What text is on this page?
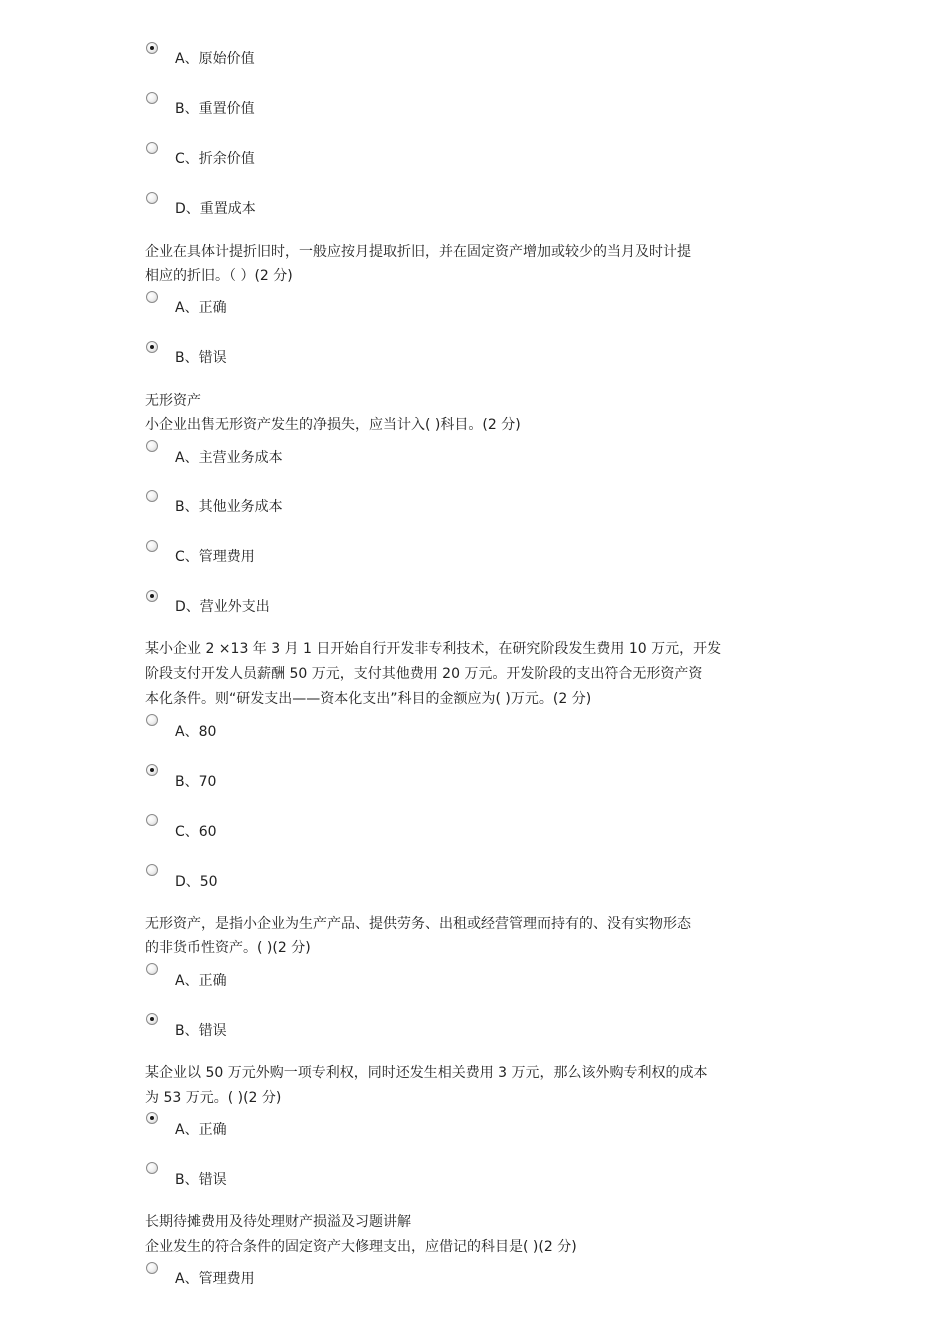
A、原始价值
B、重置价值
C、折余价值
D、重置成本

企业在具体计提折旧时，一般应按月提取折旧，并在固定资产增加或较少的当月及时计提

相应的折旧。（ ）(2 分)

A、正确
B、错误

无形资产

小企业出售无形资产发生的净损失，应当计入( )科目。(2 分)

A、主营业务成本
B、其他业务成本
C、管理费用
D、营业外支出

某小企业 2 ×13 年 3 月 1 日开始自行开发非专利技术，在研究阶段发生费用 10 万元，开发

阶段支付开发人员薪酬 50 万元，支付其他费用 20 万元。开发阶段的支出符合无形资产资

本化条件。则“研发支出——资本化支出”科目的金额应为( )万元。(2 分)

A、80
B、70
C、60
D、50

无形资产，是指小企业为生产产品、提供劳务、出租或经营管理而持有的、没有实物形态

的非货币性资产。( )(2 分)

A、正确
B、错误

某企业以 50 万元外购一项专利权，同时还发生相关费用 3 万元，那么该外购专利权的成本

为 53 万元。( )(2 分)

A、正确
B、错误

长期待摊费用及待处理财产损溢及习题讲解

企业发生的符合条件的固定资产大修理支出，应借记的科目是( )(2 分)

A、管理费用
